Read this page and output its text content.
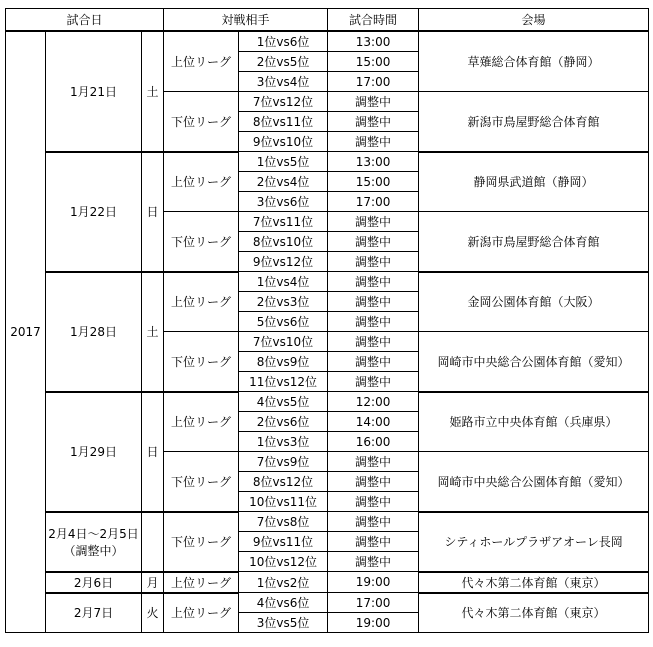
試合日			対戦相手		試合時間	会場
2017	1月21日	土	上位リーグ	1位vs6位	13:00	草薙総合体育館（静岡）
				2位vs5位	15:00	
				3位vs4位	17:00	
			下位リーグ	7位vs12位	調整中	新潟市鳥屋野総合体育館
				8位vs11位	調整中	
				9位vs10位	調整中	

	1月22日	日	上位リーグ	1位vs5位	13:00	静岡県武道館（静岡）
				2位vs4位	15:00	
				3位vs6位	17:00	
			下位リーグ	7位vs11位	調整中	新潟市鳥屋野総合体育館
				8位vs10位	調整中	
				9位vs12位	調整中	

	1月28日	土	上位リーグ	1位vs4位	調整中	金岡公園体育館（大阪）
				2位vs3位	調整中	
				5位vs6位	調整中	
			下位リーグ	7位vs10位	調整中	岡崎市中央総合公園体育館（愛知）
				8位vs9位	調整中	
				11位vs12位	調整中	

	1月29日	日	上位リーグ	4位vs5位	12:00	姫路市立中央体育館（兵庫県）
				2位vs6位	14:00	
				1位vs3位	16:00	
			下位リーグ	7位vs9位	調整中	岡崎市中央総合公園体育館（愛知）
				8位vs12位	調整中	
				10位vs11位	調整中	

	2月4日～2月5日
（調整中）		下位リーグ	7位vs8位	調整中	シティホールプラザアオーレ長岡
				9位vs11位	調整中	
				10位vs12位	調整中	

	2月6日	月	上位リーグ	1位vs2位	19:00	代々木第二体育館（東京）

	2月7日	火	上位リーグ	4位vs6位	17:00	代々木第二体育館（東京）
				3位vs5位	19:00	
